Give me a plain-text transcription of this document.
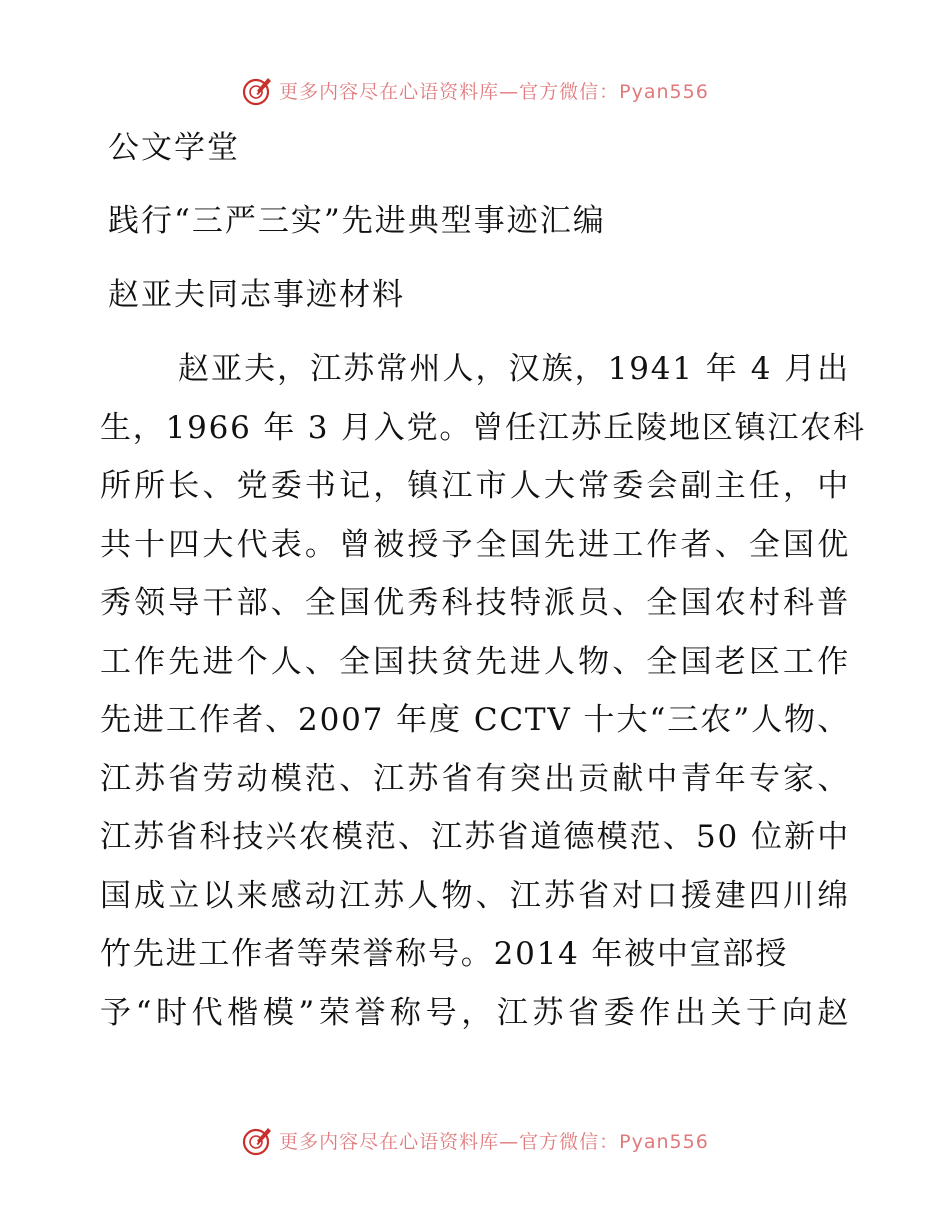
更多内容尽在心语资料库—官方微信：Pyan556
公文学堂
践行“三严三实”先进典型事迹汇编
赵亚夫同志事迹材料
赵亚夫，江苏常州人，汉族，1941 年 4 月出
生，1966 年 3 月入党。曾任江苏丘陵地区镇江农科
所所长、党委书记，镇江市人大常委会副主任，中
共十四大代表。曾被授予全国先进工作者、全国优
秀领导干部、全国优秀科技特派员、全国农村科普
工作先进个人、全国扶贫先进人物、全国老区工作
先进工作者、2007 年度 CCTV 十大“三农”人物、
江苏省劳动模范、江苏省有突出贡献中青年专家、
江苏省科技兴农模范、江苏省道德模范、50 位新中
国成立以来感动江苏人物、江苏省对口援建四川绵
竹先进工作者等荣誉称号。2014 年被中宣部授
予“时代楷模”荣誉称号，江苏省委作出关于向赵
更多内容尽在心语资料库—官方微信：Pyan556
